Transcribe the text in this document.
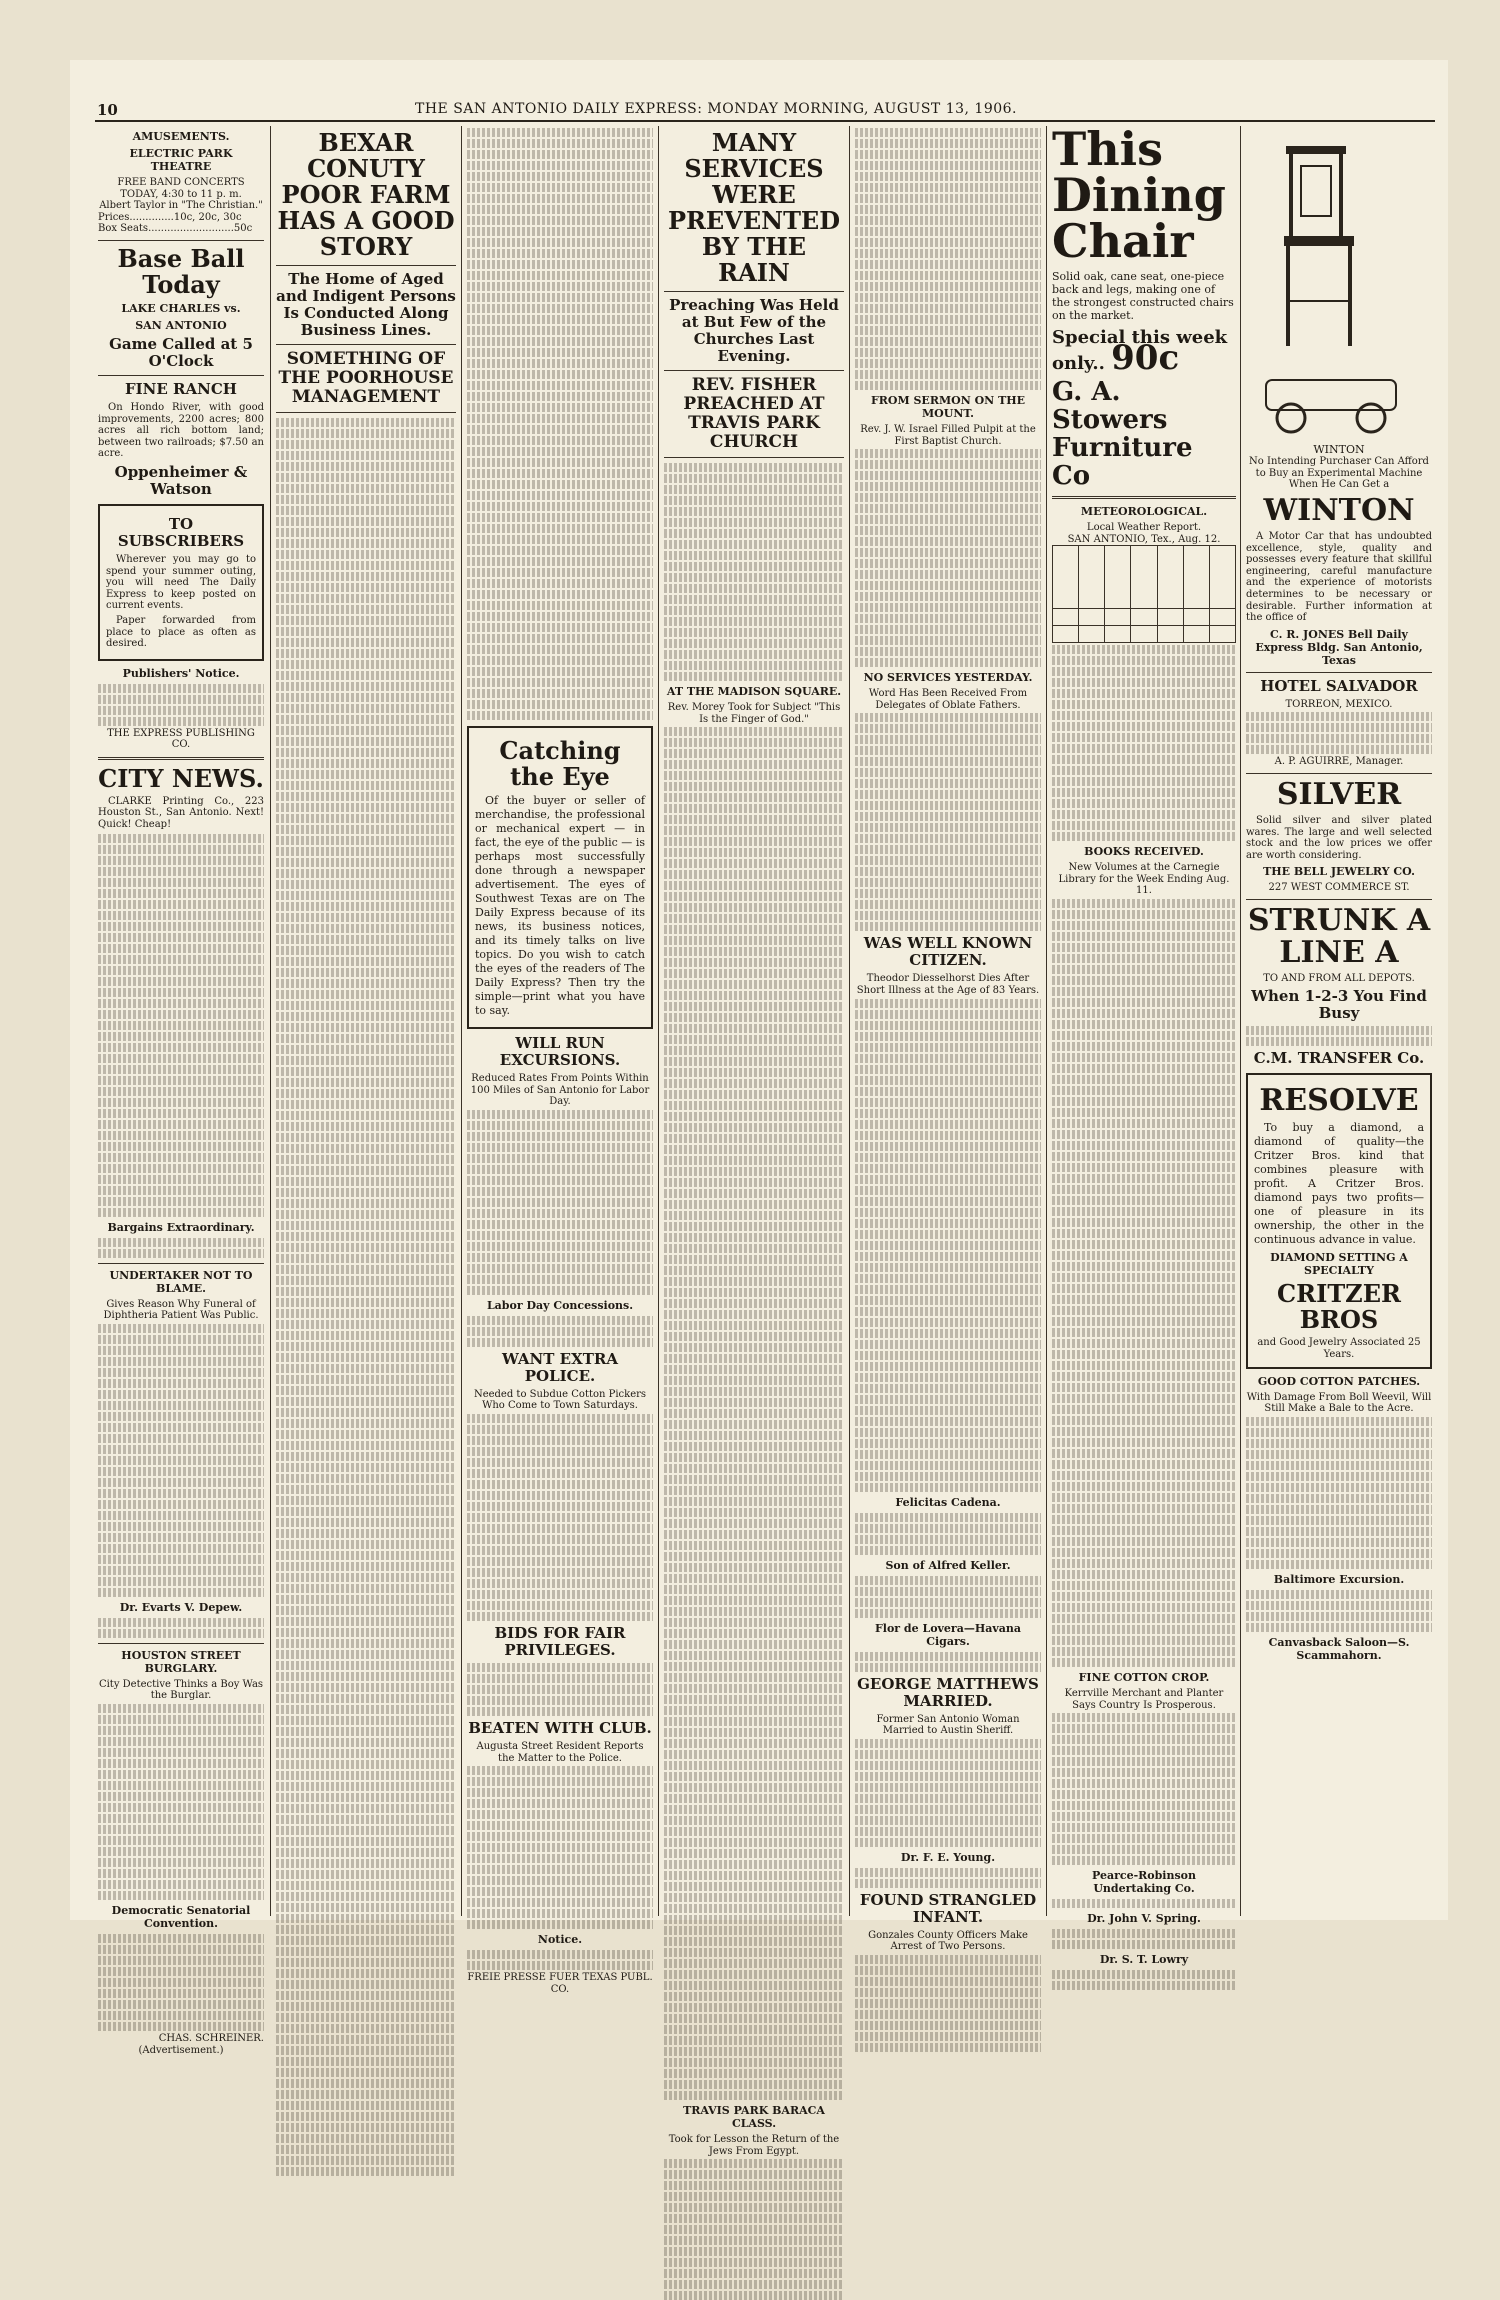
10	THE SAN ANTONIO DAILY EXPRESS: MONDAY MORNING, AUGUST 13, 1906.
AMUSEMENTS.
ELECTRIC PARK THEATRE
FREE BAND CONCERTS
TODAY, 4:30 to 11 p. m.
Albert Taylor in "The Christian."
Prices..............10c, 20c, 30c
Box Seats...........................50c
Base Ball Today
LAKE CHARLES vs.
SAN ANTONIO
Game Called at 5 O'Clock
FINE RANCH

On Hondo River, with good improvements, 2200 acres; 800 acres all rich bottom land; between two railroads; $7.50 an acre.

Oppenheimer & Watson
TO SUBSCRIBERS

Wherever you may go to spend your summer outing, you will need The Daily Express to keep posted on current events.

Paper forwarded from place to place as often as desired.

Publishers' Notice.
THE EXPRESS PUBLISHING CO.
CITY NEWS.

CLARKE Printing Co., 223 Houston St., San Antonio. Next! Quick! Cheap!

Bargains Extraordinary.
UNDERTAKER NOT TO BLAME.
Gives Reason Why Funeral of Diphtheria Patient Was Public.
Dr. Evarts V. Depew.
HOUSTON STREET BURGLARY.
City Detective Thinks a Boy Was the Burglar.
Democratic Senatorial Convention.
CHAS. SCHREINER.
(Advertisement.)
BEXAR CONUTY POOR FARM HAS A GOOD STORY
The Home of Aged and Indigent Persons Is Conducted Along Business Lines.
SOMETHING OF THE POORHOUSE MANAGEMENT
Catching the Eye

Of the buyer or seller of merchandise, the professional or mechanical expert — in fact, the eye of the public — is perhaps most successfully done through a newspaper advertisement. The eyes of Southwest Texas are on The Daily Express because of its news, its business notices, and its timely talks on live topics. Do you wish to catch the eyes of the readers of The Daily Express? Then try the simple—print what you have to say.

WILL RUN EXCURSIONS.
Reduced Rates From Points Within 100 Miles of San Antonio for Labor Day.
Labor Day Concessions.
WANT EXTRA POLICE.
Needed to Subdue Cotton Pickers Who Come to Town Saturdays.
BIDS FOR FAIR PRIVILEGES.
BEATEN WITH CLUB.
Augusta Street Resident Reports the Matter to the Police.
Notice.
FREIE PRESSE FUER TEXAS PUBL. CO.
MANY SERVICES WERE PREVENTED BY THE RAIN
Preaching Was Held at But Few of the Churches Last Evening.
REV. FISHER PREACHED AT TRAVIS PARK CHURCH
AT THE MADISON SQUARE.
Rev. Morey Took for Subject "This Is the Finger of God."
TRAVIS PARK BARACA CLASS.
Took for Lesson the Return of the Jews From Egypt.
FROM SERMON ON THE MOUNT.
Rev. J. W. Israel Filled Pulpit at the First Baptist Church.
NO SERVICES YESTERDAY.
Word Has Been Received From Delegates of Oblate Fathers.
WAS WELL KNOWN CITIZEN.
Theodor Diesselhorst Dies After Short Illness at the Age of 83 Years.
Felicitas Cadena.
Son of Alfred Keller.
Flor de Lovera—Havana Cigars.
GEORGE MATTHEWS MARRIED.
Former San Antonio Woman Married to Austin Sheriff.
Dr. F. E. Young.
FOUND STRANGLED INFANT.
Gonzales County Officers Make Arrest of Two Persons.
This Dining Chair
Solid oak, cane seat, one-piece back and legs, making one of the strongest constructed chairs on the market.
Special this week only.. 90c
G. A. Stowers Furniture Co
METEOROLOGICAL.
Local Weather Report.
SAN ANTONIO, Tex., Aug. 12.

BOOKS RECEIVED.
New Volumes at the Carnegie Library for the Week Ending Aug. 11.
FINE COTTON CROP.
Kerrville Merchant and Planter Says Country Is Prosperous.
Pearce-Robinson Undertaking Co.
Dr. John V. Spring.
Dr. S. T. Lowry

WINTON
No Intending Purchaser Can Afford to Buy an Experimental Machine When He Can Get a
WINTON

A Motor Car that has undoubted excellence, style, quality and possesses every feature that skillful engineering, careful manufacture and the experience of motorists determines to be necessary or desirable. Further information at the office of

C. R. JONES Bell Daily Express Bldg. San Antonio, Texas
HOTEL SALVADOR
TORREON, MEXICO.
A. P. AGUIRRE, Manager.
SILVER

Solid silver and silver plated wares. The large and well selected stock and the low prices we offer are worth considering.

THE BELL JEWELRY CO.
227 WEST COMMERCE ST.
STRUNK A LINE A
TO AND FROM ALL DEPOTS.
When 1-2-3 You Find Busy
C.M. TRANSFER Co.
RESOLVE

To buy a diamond, a diamond of quality—the Critzer Bros. kind that combines pleasure with profit. A Critzer Bros. diamond pays two profits—one of pleasure in its ownership, the other in the continuous advance in value.

DIAMOND SETTING A SPECIALTY
CRITZER BROS
and Good Jewelry Associated 25 Years.
GOOD COTTON PATCHES.
With Damage From Boll Weevil, Will Still Make a Bale to the Acre.
Baltimore Excursion.
Canvasback Saloon—S. Scammahorn.
